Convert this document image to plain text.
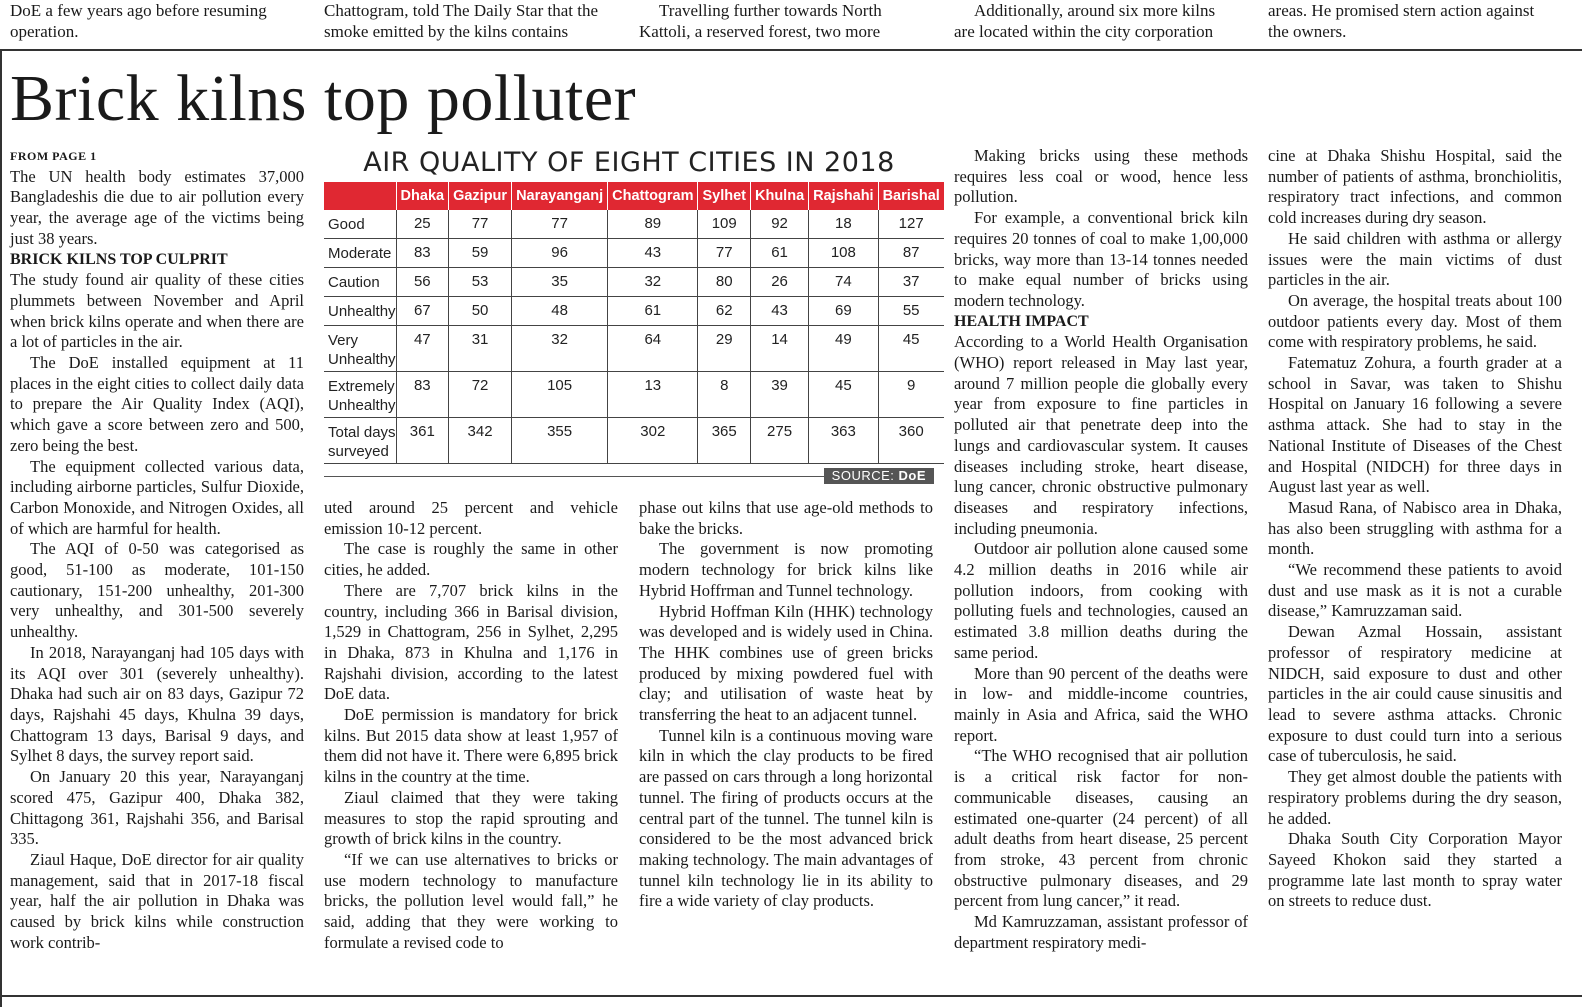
DoE a few years ago before resuming

operation.

Chattogram, told The Daily Star that the

smoke emitted by the kilns contains

Travelling further towards North

Kattoli, a reserved forest, two more

Additionally, around six more kilns

are located within the city corporation

areas. He promised stern action against

the owners.

Brick kilns top polluter

FROM PAGE 1

The UN health body estimates 37,000 Bangladeshis die due to air pollution every year, the average age of the victims being just 38 years.

BRICK KILNS TOP CULPRIT

The study found air quality of these cities plummets between November and April when brick kilns operate and when there are a lot of particles in the air.

The DoE installed equipment at 11 places in the eight cities to collect daily data to prepare the Air Quality Index (AQI), which gave a score between zero and 500, zero being the best.

The equipment collected various data, including airborne particles, Sulfur Dioxide, Carbon Monoxide, and Nitrogen Oxides, all of which are harmful for health.

The AQI of 0-50 was categorised as good, 51-100 as moderate, 101-150 cautionary, 151-200 unhealthy, 201-300 very unhealthy, and 301-500 severely unhealthy.

In 2018, Narayanganj had 105 days with its AQI over 301 (severely unhealthy). Dhaka had such air on 83 days, Gazipur 72 days, Rajshahi 45 days, Khulna 39 days, Chattogram 13 days, Barisal 9 days, and Sylhet 8 days, the survey report said.

On January 20 this year, Narayanganj scored 475, Gazipur 400, Dhaka 382, Chittagong 361, Rajshahi 356, and Barisal 335.

Ziaul Haque, DoE director for air quality management, said that in 2017-18 fiscal year, half the air pollution in Dhaka was caused by brick kilns while construction work contrib-

AIR QUALITY OF EIGHT CITIES IN 2018
	Dhaka	Gazipur	Narayanganj	Chattogram	Sylhet	Khulna	Rajshahi	Barishal
Good	25	77	77	89	109	92	18	127
Moderate	83	59	96	43	77	61	108	87
Caution	56	53	35	32	80	26	74	37
Unhealthy	67	50	48	61	62	43	69	55
Very
Unhealthy	47	31	32	64	29	14	49	45
Extremely
Unhealthy	83	72	105	13	8	39	45	9
Total days
surveyed	361	342	355	302	365	275	363	360
SOURCE: DoE

uted around 25 percent and vehicle emission 10-12 percent.

The case is roughly the same in other cities, he added.

There are 7,707 brick kilns in the country, including 366 in Barisal division, 1,529 in Chattogram, 256 in Sylhet, 2,295 in Dhaka, 873 in Khulna and 1,176 in Rajshahi division, according to the latest DoE data.

DoE permission is mandatory for brick kilns. But 2015 data show at least 1,957 of them did not have it. There were 6,895 brick kilns in the country at the time.

Ziaul claimed that they were taking measures to stop the rapid sprouting and growth of brick kilns in the country.

“If we can use alternatives to bricks or use modern technology to manufacture bricks, the pollution level would fall,” he said, adding that they were working to formulate a revised code to

phase out kilns that use age-old methods to bake the bricks.

The government is now promoting modern technology for brick kilns like Hybrid Hoffrman and Tunnel technology.

Hybrid Hoffman Kiln (HHK) technology was developed and is widely used in China. The HHK combines use of green bricks produced by mixing powdered fuel with clay; and utilisation of waste heat by transferring the heat to an adjacent tunnel.

Tunnel kiln is a continuous moving ware kiln in which the clay products to be fired are passed on cars through a long horizontal tunnel. The firing of products occurs at the central part of the tunnel. The tunnel kiln is considered to be the most advanced brick making technology. The main advantages of tunnel kiln technology lie in its ability to fire a wide variety of clay products.

Making bricks using these methods requires less coal or wood, hence less pollution.

For example, a conventional brick kiln requires 20 tonnes of coal to make 1,00,000 bricks, way more than 13-14 tonnes needed to make equal number of bricks using modern technology.

HEALTH IMPACT

According to a World Health Organisation (WHO) report released in May last year, around 7 million people die globally every year from exposure to fine particles in polluted air that penetrate deep into the lungs and cardiovascular system. It causes diseases including stroke, heart disease, lung cancer, chronic obstructive pulmonary diseases and respiratory infections, including pneumonia.

Outdoor air pollution alone caused some 4.2 million deaths in 2016 while air pollution indoors, from cooking with polluting fuels and technologies, caused an estimated 3.8 million deaths during the same period.

More than 90 percent of the deaths were in low- and middle-income countries, mainly in Asia and Africa, said the WHO report.

“The WHO recognised that air pollution is a critical risk factor for non-communicable diseases, causing an estimated one-quarter (24 percent) of all adult deaths from heart disease, 25 percent from stroke, 43 percent from chronic obstructive pulmonary diseases, and 29 percent from lung cancer,” it read.

Md Kamruzzaman, assistant professor of department respiratory medi-

cine at Dhaka Shishu Hospital, said the number of patients of asthma, bronchiolitis, respiratory tract infections, and common cold increases during dry season.

He said children with asthma or allergy issues were the main victims of dust particles in the air.

On average, the hospital treats about 100 outdoor patients every day. Most of them come with respiratory problems, he said.

Fatematuz Zohura, a fourth grader at a school in Savar, was taken to Shishu Hospital on January 16 following a severe asthma attack. She had to stay in the National Institute of Diseases of the Chest and Hospital (NIDCH) for three days in August last year as well.

Masud Rana, of Nabisco area in Dhaka, has also been struggling with asthma for a month.

“We recommend these patients to avoid dust and use mask as it is not a curable disease,” Kamruzzaman said.

Dewan Azmal Hossain, assistant professor of respiratory medicine at NIDCH, said exposure to dust and other particles in the air could cause sinusitis and lead to severe asthma attacks. Chronic exposure to dust could turn into a serious case of tuberculosis, he said.

They get almost double the patients with respiratory problems during the dry season, he added.

Dhaka South City Corporation Mayor Sayeed Khokon said they started a programme late last month to spray water on streets to reduce dust.
